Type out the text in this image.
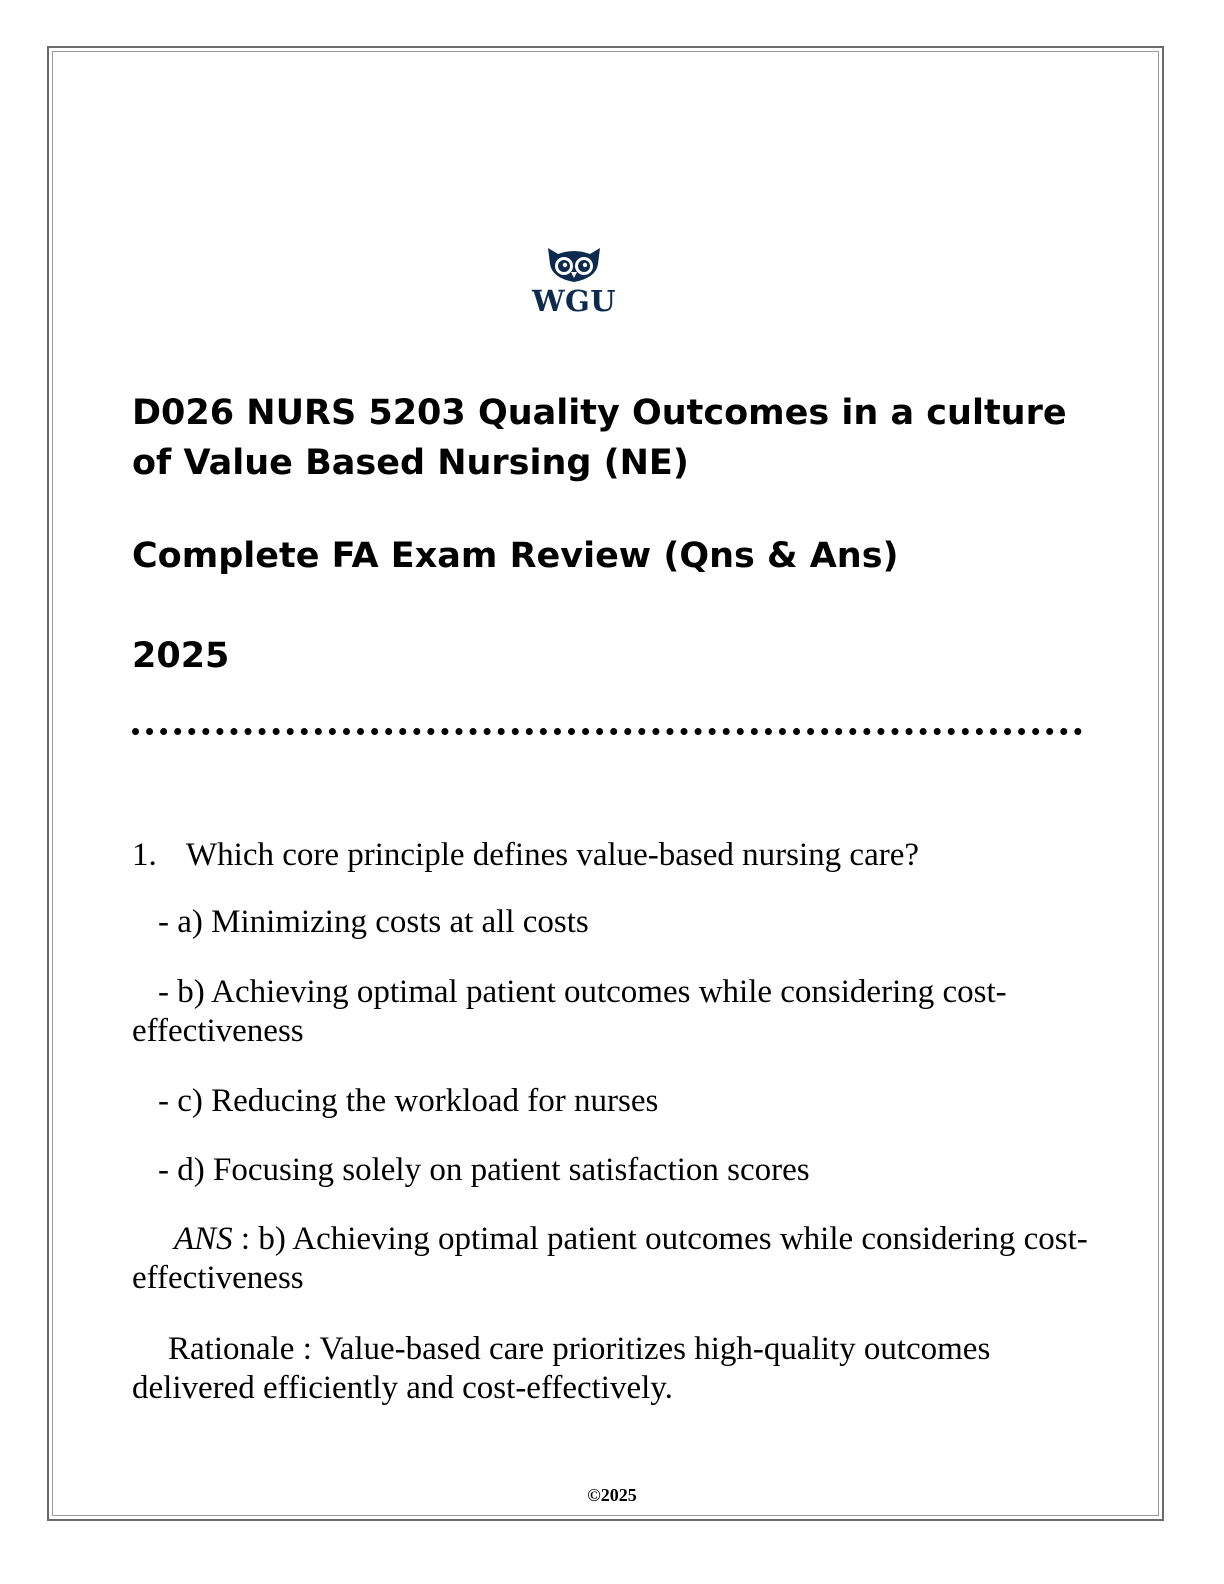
WGU

D026 NURS 5203 Quality Outcomes in a culture of Value Based Nursing (NE)

Complete FA Exam Review (Qns & Ans)

2025

1. Which core principle defines value-based nursing care?

- a) Minimizing costs at all costs

- b) Achieving optimal patient outcomes while considering cost-effectiveness

- c) Reducing the workload for nurses

- d) Focusing solely on patient satisfaction scores

ANS : b) Achieving optimal patient outcomes while considering cost-effectiveness

Rationale : Value-based care prioritizes high-quality outcomes delivered efficiently and cost-effectively.

©2025
